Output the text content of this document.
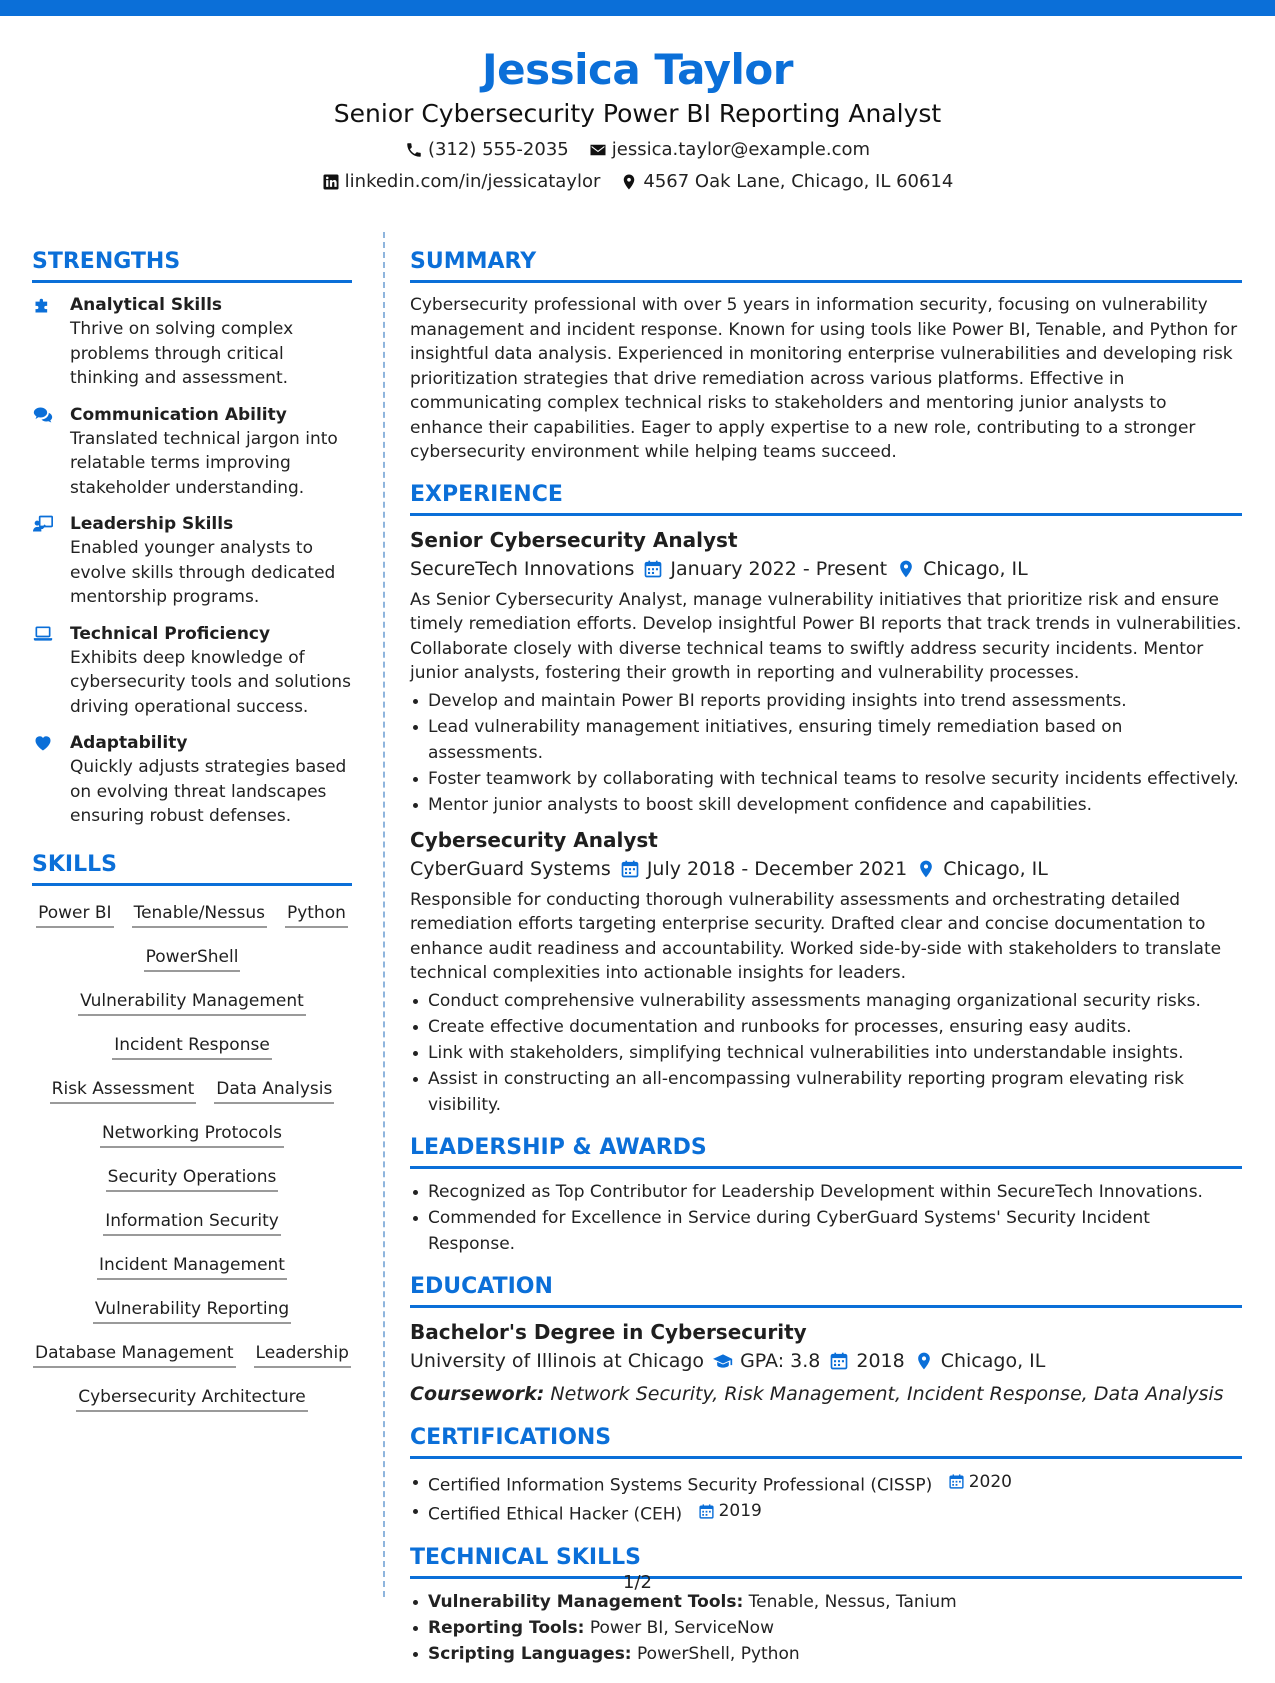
Jessica Taylor
Senior Cybersecurity Power BI Reporting Analyst
(312) 555-2035 jessica.taylor@example.com
linkedin.com/in/jessicataylor 4567 Oak Lane, Chicago, IL 60614
STRENGTHS
Analytical Skills
Thrive on solving complex problems through critical thinking and assessment.
Communication Ability
Translated technical jargon into relatable terms improving stakeholder understanding.
Leadership Skills
Enabled younger analysts to evolve skills through dedicated mentorship programs.
Technical Proficiency
Exhibits deep knowledge of cybersecurity tools and solutions driving operational success.
Adaptability
Quickly adjusts strategies based on evolving threat landscapes ensuring robust defenses.
SKILLS
Power BI Tenable/Nessus Python
PowerShell
Vulnerability Management
Incident Response
Risk Assessment Data Analysis
Networking Protocols
Security Operations
Information Security
Incident Management
Vulnerability Reporting
Database Management Leadership
Cybersecurity Architecture
SUMMARY
Cybersecurity professional with over 5 years in information security, focusing on vulnerability management and incident response. Known for using tools like Power BI, Tenable, and Python for insightful data analysis. Experienced in monitoring enterprise vulnerabilities and developing risk prioritization strategies that drive remediation across various platforms. Effective in communicating complex technical risks to stakeholders and mentoring junior analysts to enhance their capabilities. Eager to apply expertise to a new role, contributing to a stronger cybersecurity environment while helping teams succeed.
EXPERIENCE
Senior Cybersecurity Analyst
SecureTech Innovations January 2022 - Present Chicago, IL
As Senior Cybersecurity Analyst, manage vulnerability initiatives that prioritize risk and ensure timely remediation efforts. Develop insightful Power BI reports that track trends in vulnerabilities. Collaborate closely with diverse technical teams to swiftly address security incidents. Mentor junior analysts, fostering their growth in reporting and vulnerability processes.
Develop and maintain Power BI reports providing insights into trend assessments.
Lead vulnerability management initiatives, ensuring timely remediation based on assessments.
Foster teamwork by collaborating with technical teams to resolve security incidents effectively.
Mentor junior analysts to boost skill development confidence and capabilities.
Cybersecurity Analyst
CyberGuard Systems July 2018 - December 2021 Chicago, IL
Responsible for conducting thorough vulnerability assessments and orchestrating detailed remediation efforts targeting enterprise security. Drafted clear and concise documentation to enhance audit readiness and accountability. Worked side-by-side with stakeholders to translate technical complexities into actionable insights for leaders.
Conduct comprehensive vulnerability assessments managing organizational security risks.
Create effective documentation and runbooks for processes, ensuring easy audits.
Link with stakeholders, simplifying technical vulnerabilities into understandable insights.
Assist in constructing an all-encompassing vulnerability reporting program elevating risk visibility.
LEADERSHIP & AWARDS
Recognized as Top Contributor for Leadership Development within SecureTech Innovations.
Commended for Excellence in Service during CyberGuard Systems' Security Incident Response.
EDUCATION
Bachelor's Degree in Cybersecurity
University of Illinois at Chicago GPA: 3.8 2018 Chicago, IL
Coursework: Network Security, Risk Management, Incident Response, Data Analysis
CERTIFICATIONS
Certified Information Systems Security Professional (CISSP) 2020
Certified Ethical Hacker (CEH) 2019
TECHNICAL SKILLS
Vulnerability Management Tools: Tenable, Nessus, Tanium
Reporting Tools: Power BI, ServiceNow
Scripting Languages: PowerShell, Python
1/2
